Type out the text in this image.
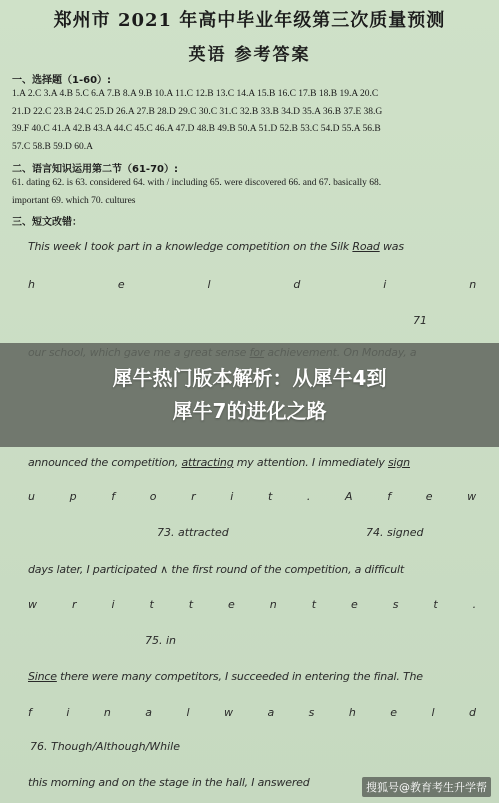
郑州市 2021 年高中毕业年级第三次质量预测
英语 参考答案
一、选择题（1-60）:
1.A 2.C 3.A 4.B 5.C 6.A 7.B 8.A 9.B 10.A 11.C 12.B 13.C 14.A 15.B 16.C 17.B 18.B 19.A 20.C
21.D 22.C 23.B 24.C 25.D 26.A 27.B 28.D 29.C 30.C 31.C 32.B 33.B 34.D 35.A 36.B 37.E 38.G
39.F 40.C 41.A 42.B 43.A 44.C 45.C 46.A 47.D 48.B 49.B 50.A 51.D 52.B 53.C 54.D 55.A 56.B
57.C 58.B 59.D 60.A
二、语言知识运用第二节（61-70）:
61. dating 62. is 63. considered 64. with / including 65. were discovered 66. and 67. basically 68.
important 69. which 70. cultures
三、短文改错：
This week I took part in a knowledge competition on the Silk Road was
h	e	l	d	i	n
71
announced the competition, attracting my attention. I immediately sign
u	p	f	o	r	i	t	.	A	f	e	w
73. attracted	74. signed
days later, I participated ∧ the first round of the competition, a difficult
w	r	i	t	t	e	n	t	e	s	t	.
75. in
Since there were many competitors, I succeeded in entering the final. The
f	i	n	a	l	w	a	s	h	e	l	d
76. Though/Although/While
this morning and on the stage in the hall, I answered
犀牛热门版本解析：从犀牛4到
犀牛7的进化之路
搜狐号@教育考生升学帮
